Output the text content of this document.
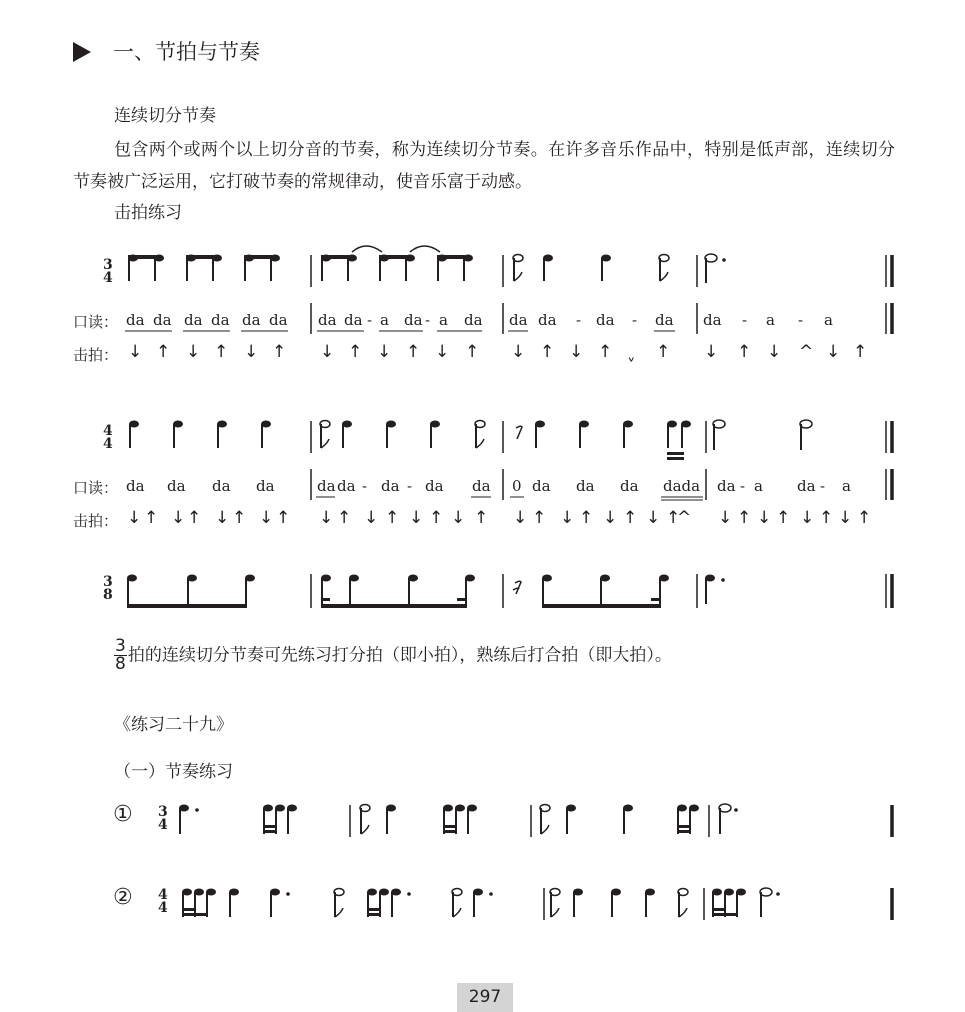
一、节拍与节奏
连续切分节奏
包含两个或两个以上切分音的节奏，称为连续切分节奏。在许多音乐作品中，特别是低声部，连续切分节奏被广泛运用，它打破节奏的常规律动，使音乐富于动感。
击拍练习
3
4
4
4
3
8
3
4
4
4
口读：
击拍：
口读：
击拍：
da da da da da da da da - a da - a da da da - da - da da - a - a
↓ ↑ ↓ ↑ ↓ ↑ ↓ ↑ ↓ ↑ ↓ ↑ ↓ ↑ ↓ ↑ ˬ ↑ ↓ ↑ ↓ ^ ↓ ↑
da da da da	da da - da - da da 0 da da da dada da - a da - a
↓ ↑ ↓ ↑ ↓ ↑ ↓ ↑ ↓ ↑ ↓ ↑ ↓ ↑ ↓ ↑ ↓ ↑ ↓ ↑ ↓ ↑ ↓ ↑
^ ↓ ↑ ↓ ↑ ↓ ↑ ↓ ↑
$\frac{3}{8}$ 拍的连续切分节奏可先练习打分拍（即小拍），熟练后打合拍（即大拍）。
《练习二十九》
（一）节奏练习
①
②
297
